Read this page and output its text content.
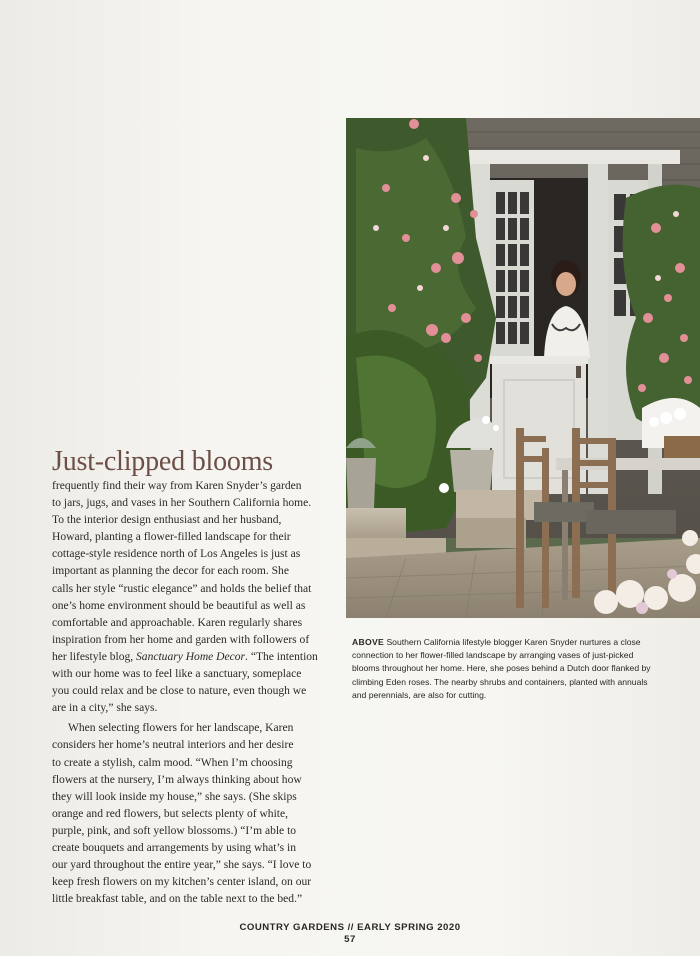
Just-clipped blooms

frequently find their way from Karen Snyder’s garden
to jars, jugs, and vases in her Southern California home.
To the interior design enthusiast and her husband,
Howard, planting a flower-filled landscape for their
cottage-style residence north of Los Angeles is just as
important as planning the decor for each room. She
calls her style “rustic elegance” and holds the belief that
one’s home environment should be beautiful as well as
comfortable and approachable. Karen regularly shares
inspiration from her home and garden with followers of
her lifestyle blog, Sanctuary Home Decor. “The intention
with our home was to feel like a sanctuary, someplace
you could relax and be close to nature, even though we
are in a city,” she says.

When selecting flowers for her landscape, Karen
considers her home’s neutral interiors and her desire
to create a stylish, calm mood. “When I’m choosing
flowers at the nursery, I’m always thinking about how
they will look inside my house,” she says. (She skips
orange and red flowers, but selects plenty of white,
purple, pink, and soft yellow blossoms.) “I’m able to
create bouquets and arrangements by using what’s in
our yard throughout the entire year,” she says. “I love to
keep fresh flowers on my kitchen’s center island, on our
little breakfast table, and on the table next to the bed.”

ABOVE Southern California lifestyle blogger Karen Snyder nurtures a close
connection to her flower-filled landscape by arranging vases of just-picked
blooms throughout her home. Here, she poses behind a Dutch door flanked by
climbing Eden roses. The nearby shrubs and containers, planted with annuals
and perennials, are also for cutting.
COUNTRY GARDENS // EARLY SPRING 2020
57
